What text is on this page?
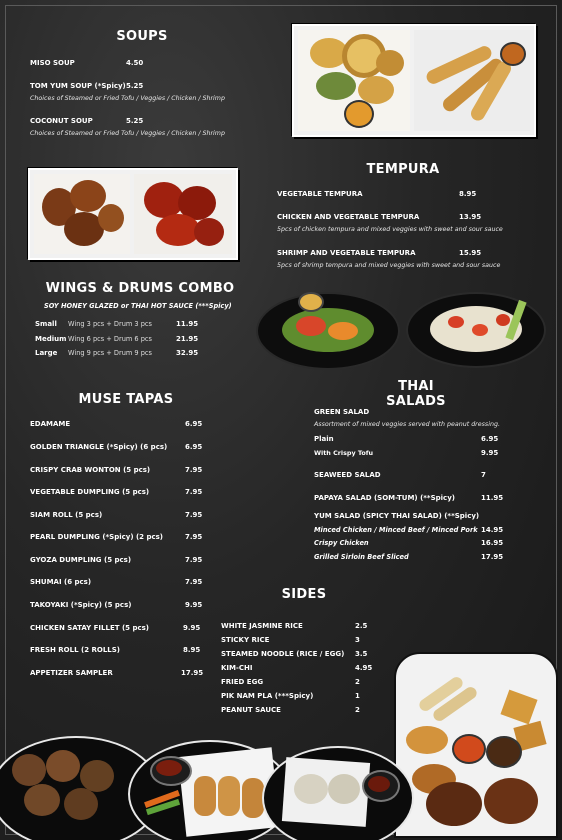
SOUPS
MISO SOUP	4.50
TOM YUM SOUP (*Spicy) 5.25
Choices of Steamed or Fried Tofu / Veggies / Chicken / Shrimp
COCONUT SOUP	5.25
Choices of Steamed or Fried Tofu / Veggies / Chicken / Shrimp
TEMPURA
VEGETABLE TEMPURA	8.95
CHICKEN AND VEGETABLE TEMPURA	13.95
5pcs of chicken tempura and mixed veggies with sweet and sour sauce
SHRIMP AND VEGETABLE TEMPURA	15.95
5pcs of shrimp tempura and mixed veggies with sweet and sour sauce
WINGS & DRUMS COMBO
SOY HONEY GLAZED or THAI HOT SAUCE (***Spicy)
Small Wing 3 pcs + Drum 3 pcs	11.95
Medium Wing 6 pcs + Drum 6 pcs	21.95
Large Wing 9 pcs + Drum 9 pcs	32.95
MUSE TAPAS
EDAMAME	6.95
GOLDEN TRIANGLE (*Spicy) (6 pcs)	6.95
CRISPY CRAB WONTON (5 pcs)	7.95
VEGETABLE DUMPLING (5 pcs)	7.95
SIAM ROLL (5 pcs)	7.95
PEARL DUMPLING (*Spicy) (2 pcs)	7.95
GYOZA DUMPLING (5 pcs)	7.95
SHUMAI (6 pcs)	7.95
TAKOYAKI (*Spicy) (5 pcs)	9.95
CHICKEN SATAY FILLET (5 pcs)	9.95
FRESH ROLL (2 ROLLS)	8.95
APPETIZER SAMPLER	17.95
THAI SALADS
GREEN SALAD
Assortment of mixed veggies served with peanut dressing.
Plain	6.95
With Crispy Tofu	9.95
SEAWEED SALAD	7
PAPAYA SALAD (SOM-TUM) (**Spicy)	11.95
YUM SALAD (SPICY THAI SALAD) (**Spicy)
Minced Chicken / Minced Beef / Minced Pork 14.95
Crispy Chicken	16.95
Grilled Sirloin Beef Sliced	17.95
SIDES
WHITE JASMINE RICE	2.5
STICKY RICE	3
STEAMED NOODLE (RICE / EGG) 3.5
KIM-CHI	4.95
FRIED EGG	2
PIK NAM PLA (***Spicy)	1
PEANUT SAUCE	2
